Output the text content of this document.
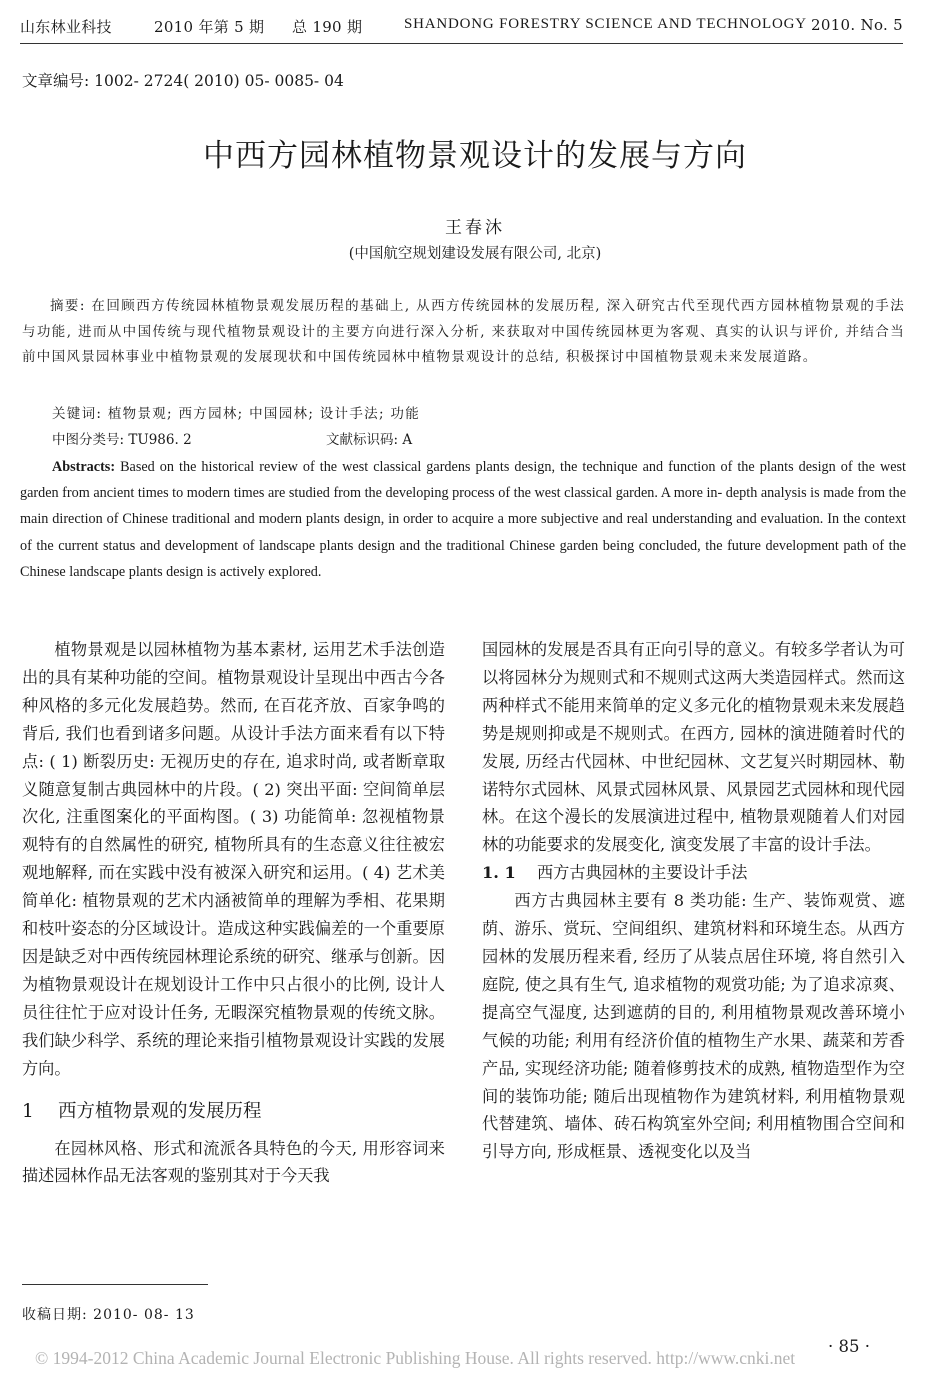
山东林业科技	2010 年第 5 期 总 190 期	SHANDONG FORESTRY SCIENCE AND TECHNOLOGY 2010. No. 5
文章编号: 1002- 2724( 2010) 05- 0085- 04
中西方园林植物景观设计的发展与方向
王春沐
(中国航空规划建设发展有限公司, 北京)

摘要: 在回顾西方传统园林植物景观发展历程的基础上, 从西方传统园林的发展历程, 深入研究古代至现代西方园林植物景观的手法与功能, 进而从中国传统与现代植物景观设计的主要方向进行深入分析, 来获取对中国传统园林更为客观、真实的认识与评价, 并结合当前中国风景园林事业中植物景观的发展现状和中国传统园林中植物景观设计的总结, 积极探讨中国植物景观未来发展道路。

关键词: 植物景观; 西方园林; 中国园林; 设计手法; 功能
中图分类号: TU986. 2	文献标识码: A

Abstracts: Based on the historical review of the west classical gardens plants design, the technique and function of the plants design of the west garden from ancient times to modern times are studied from the developing process of the west classical garden. A more in- depth analysis is made from the main direction of Chinese traditional and modern plants design, in order to acquire a more subjective and real understanding and evaluation. In the context of the current status and development of landscape plants design and the traditional Chinese garden being concluded, the future development path of the Chinese landscape plants design is actively explored.

植物景观是以园林植物为基本素材, 运用艺术手法创造出的具有某种功能的空间。植物景观设计呈现出中西古今各种风格的多元化发展趋势。然而, 在百花齐放、百家争鸣的背后, 我们也看到诸多问题。从设计手法方面来看有以下特点: ( 1) 断裂历史: 无视历史的存在, 追求时尚, 或者断章取义随意复制古典园林中的片段。( 2) 突出平面: 空间简单层次化, 注重图案化的平面构图。( 3) 功能简单: 忽视植物景观特有的自然属性的研究, 植物所具有的生态意义往往被宏观地解释, 而在实践中没有被深入研究和运用。( 4) 艺术美简单化: 植物景观的艺术内涵被简单的理解为季相、花果期和枝叶姿态的分区域设计。造成这种实践偏差的一个重要原因是缺乏对中西传统园林理论系统的研究、继承与创新。因为植物景观设计在规划设计工作中只占很小的比例, 设计人员往往忙于应对设计任务, 无暇深究植物景观的传统文脉。我们缺少科学、系统的理论来指引植物景观设计实践的发展方向。

1 西方植物景观的发展历程

在园林风格、形式和流派各具特色的今天, 用形容词来描述园林作品无法客观的鉴别其对于今天我

国园林的发展是否具有正向引导的意义。有较多学者认为可以将园林分为规则式和不规则式这两大类造园样式。然而这两种样式不能用来简单的定义多元化的植物景观未来发展趋势是规则抑或是不规则式。在西方, 园林的演进随着时代的发展, 历经古代园林、中世纪园林、文艺复兴时期园林、勒诺特尔式园林、风景式园林风景、风景园艺式园林和现代园林。在这个漫长的发展演进过程中, 植物景观随着人们对园林的功能要求的发展变化, 演变发展了丰富的设计手法。

1. 1 西方古典园林的主要设计手法

西方古典园林主要有 8 类功能: 生产、装饰观赏、遮荫、游乐、赏玩、空间组织、建筑材料和环境生态。从西方园林的发展历程来看, 经历了从装点居住环境, 将自然引入庭院, 使之具有生气, 追求植物的观赏功能; 为了追求凉爽、提高空气湿度, 达到遮荫的目的, 利用植物景观改善环境小气候的功能; 利用有经济价值的植物生产水果、蔬菜和芳香产品, 实现经济功能; 随着修剪技术的成熟, 植物造型作为空间的装饰功能; 随后出现植物作为建筑材料, 利用植物景观代替建筑、墙体、砖石构筑室外空间; 利用植物围合空间和引导方向, 形成框景、透视变化以及当

收稿日期: 2010- 08- 13
· 85 ·
© 1994-2012 China Academic Journal Electronic Publishing House. All rights reserved. http://www.cnki.net
